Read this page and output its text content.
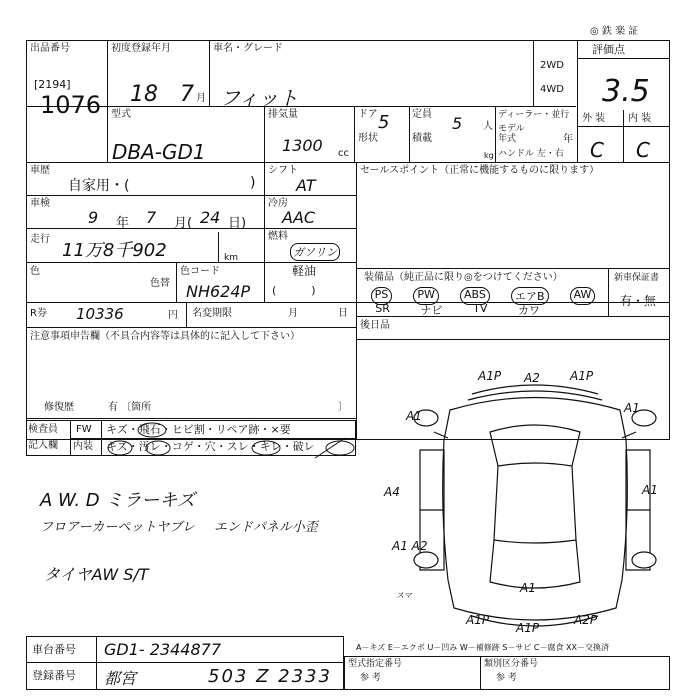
出品番号
[2194]
1076
初度登録年月
18 7 月
車名・グレード
フィット
2WD
4WD
評価点
3.5
◎ 鉄 楽 証
型式
DBA-GD1
排気量
1300 cc
ドア 5 定員 5 人
形状	積載
kg
ディーラー・並行
モデル年式	年
ハンドル 左・右
外 装 内 装
C C
車歴
自家用・(	)
シフト
AT
セールスポイント（正常に機能するものに限ります）
車検
9 年 7 月( 24 日)
冷房
AAC
走行
11万8千902	km
燃料
ガソリン
軽油
(          )
色
色替
色コード
NH624P
装備品（純正品に限り◎をつけてください）
PS	PW	ABS	エアB	AW
SR	ナビ	TV	カワ
新車保証書
有・無
R券 10336	円 名変期限	月	日
後日品
注意事項申告欄（不具合内容等は具体的に記入して下さい）
修復歴	有 〔箇所	〕
検査員
記入欄
FW キズ・飛石・ヒビ割・リペア跡・×要
内装 キズ・汚レ・コゲ・穴・スレ・キレ・破レ
A W. D ミラーキズ
フロアーカーペットヤブレ エンドパネル小歪
タイヤAW S/T
A1P A2	A1P
A1
A1
A4	A1
A1 A2
A1
A1P
A1P
A2P
スマ
A－キズ E－エクボ U－凹み W－補修跡 S－サビ C－腐食 XX－交換済
車台番号 GD1- 2344877
登録番号 都宮	503 Z 2333
型式指定番号
参 考
類別区分番号
参 考
